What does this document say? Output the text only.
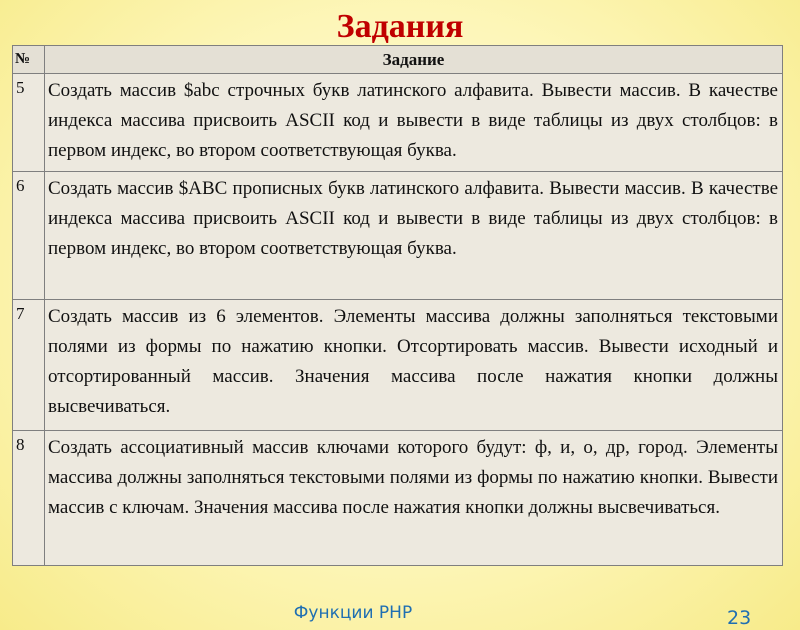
Задания
№	Задание
5	Создать массив $abc строчных букв латинского алфавита. Вывести массив. В качестве индекса массива присвоить ASCII код и вывести в виде таблицы из двух столбцов: в первом индекс, во втором соответствующая буква.
6	Создать массив $ABC прописных букв латинского алфавита. Вывести массив. В качестве индекса массива присвоить ASCII код и вывести в виде таблицы из двух столбцов: в первом индекс, во втором соответствующая буква.
7	Создать массив из 6 элементов. Элементы массива должны заполняться текстовыми полями из формы по нажатию кнопки. Отсортировать массив. Вывести исходный и отсортированный массив. Значения массива после нажатия кнопки должны высвечиваться.
8	Создать ассоциативный массив ключами которого будут: ф, и, о, др, город. Элементы массива должны заполняться текстовыми полями из формы по нажатию кнопки. Вывести массив с ключам. Значения массива после нажатия кнопки должны высвечиваться.
Функции PHP	23
